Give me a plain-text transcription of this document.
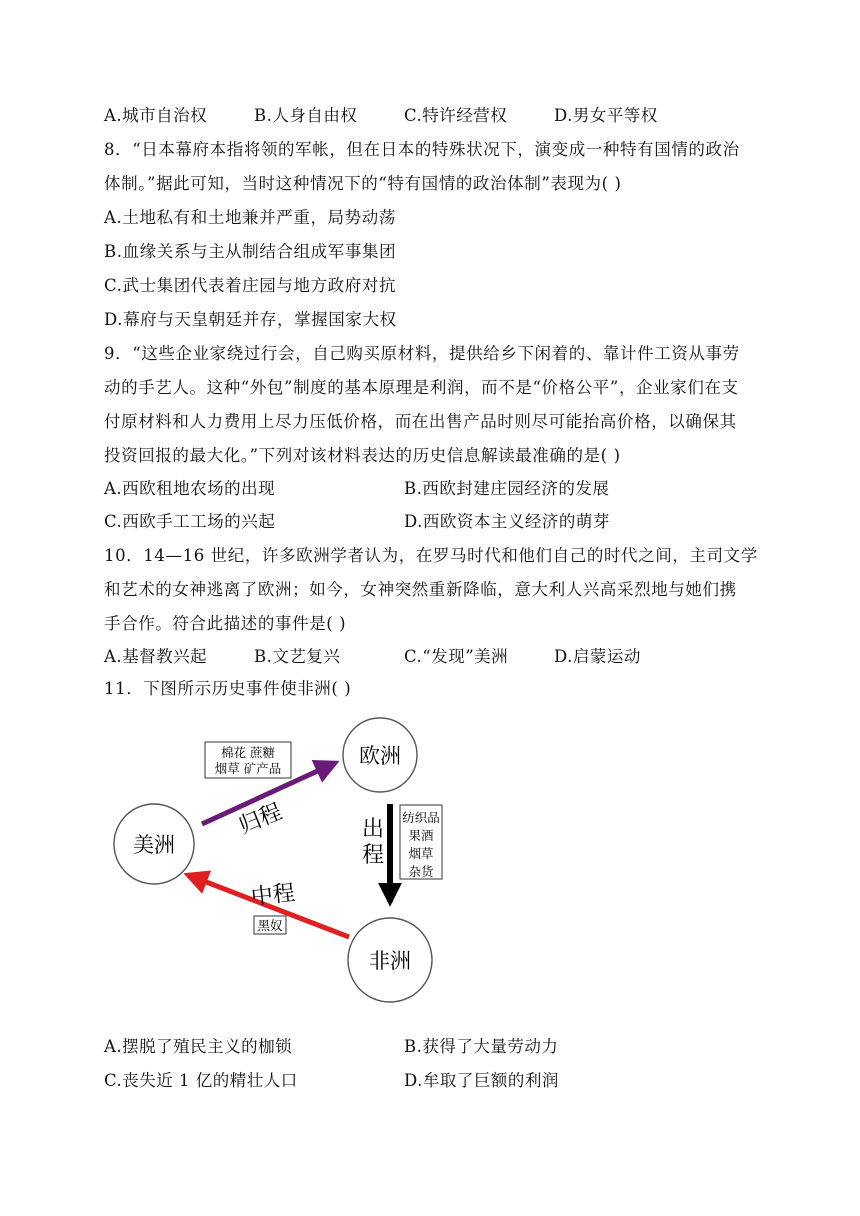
A.城市自治权	B.人身自由权	C.特许经营权	D.男女平等权
8．“日本幕府本指将领的军帐，但在日本的特殊状况下，演变成一种特有国情的政治
体制。”据此可知，当时这种情况下的“特有国情的政治体制”表现为( )
A.土地私有和土地兼并严重，局势动荡
B.血缘关系与主从制结合组成军事集团
C.武士集团代表着庄园与地方政府对抗
D.幕府与天皇朝廷并存，掌握国家大权
9．“这些企业家绕过行会，自己购买原材料，提供给乡下闲着的、靠计件工资从事劳
动的手艺人。这种“外包”制度的基本原理是利润，而不是“价格公平”，企业家们在支
付原材料和人力费用上尽力压低价格，而在出售产品时则尽可能抬高价格，以确保其
投资回报的最大化。”下列对该材料表达的历史信息解读最准确的是( )
A.西欧租地农场的出现	B.西欧封建庄园经济的发展
C.西欧手工工场的兴起	D.西欧资本主义经济的萌芽
10．14—16 世纪，许多欧洲学者认为，在罗马时代和他们自己的时代之间，主司文学
和艺术的女神逃离了欧洲；如今，女神突然重新降临，意大利人兴高采烈地与她们携
手合作。符合此描述的事件是( )
A.基督教兴起	B.文艺复兴	C.“发现”美洲	D.启蒙运动
11．下图所示历史事件使非洲( )
欧洲
美洲
非洲
棉花 蔗糖
烟草 矿产品
归程	出
程
纺织品
果酒
烟草
杂货
中程
黑奴
A.摆脱了殖民主义的枷锁	B.获得了大量劳动力
C.丧失近 1 亿的精壮人口	D.牟取了巨额的利润
